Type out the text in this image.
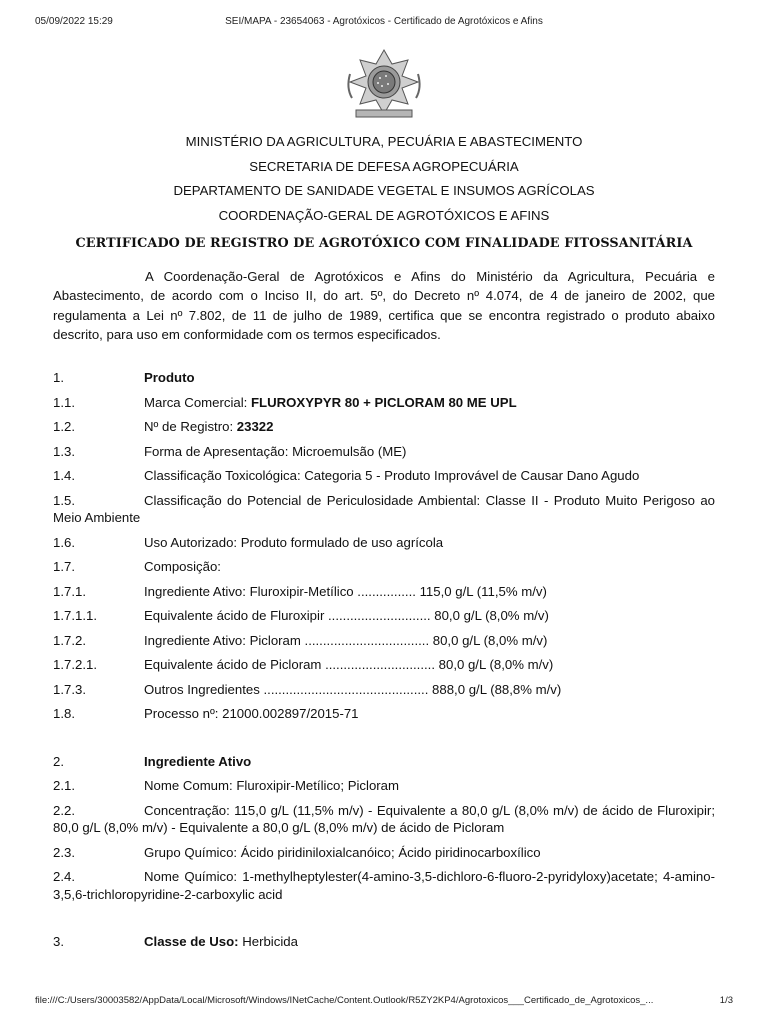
05/09/2022 15:29	SEI/MAPA - 23654063 - Agrotóxicos - Certificado de Agrotóxicos e Afins
MINISTÉRIO DA AGRICULTURA, PECUÁRIA E ABASTECIMENTO
SECRETARIA DE DEFESA AGROPECUÁRIA
DEPARTAMENTO DE SANIDADE VEGETAL E INSUMOS AGRÍCOLAS
COORDENAÇÃO-GERAL DE AGROTÓXICOS E AFINS
CERTIFICADO DE REGISTRO DE AGROTÓXICO COM FINALIDADE FITOSSANITÁRIA

A Coordenação-Geral de Agrotóxicos e Afins do Ministério da Agricultura, Pecuária e Abastecimento, de acordo com o Inciso II, do art. 5º, do Decreto nº 4.074, de 4 de janeiro de 2002, que regulamenta a Lei nº 7.802, de 11 de julho de 1989, certifica que se encontra registrado o produto abaixo descrito, para uso em conformidade com os termos especificados.

1.	Produto
1.1.	Marca Comercial: FLUROXYPYR 80 + PICLORAM 80 ME UPL
1.2.	Nº de Registro: 23322
1.3.	Forma de Apresentação: Microemulsão (ME)
1.4.	Classificação Toxicológica: Categoria 5 - Produto Improvável de Causar Dano Agudo
1.5.	Classificação do Potencial de Periculosidade Ambiental: Classe II - Produto Muito Perigoso ao Meio Ambiente
1.6.	Uso Autorizado: Produto formulado de uso agrícola
1.7.	Composição:
1.7.1.	Ingrediente Ativo: Fluroxipir-Metílico ................ 115,0 g/L (11,5% m/v)
1.7.1.1.	Equivalente ácido de Fluroxipir ............................ 80,0 g/L (8,0% m/v)
1.7.2.	Ingrediente Ativo: Picloram .................................. 80,0 g/L (8,0% m/v)
1.7.2.1.	Equivalente ácido de Picloram .............................. 80,0 g/L (8,0% m/v)
1.7.3.	Outros Ingredientes ............................................. 888,0 g/L (88,8% m/v)
1.8.	Processo nº: 21000.002897/2015-71
2.	Ingrediente Ativo
2.1.	Nome Comum: Fluroxipir-Metílico; Picloram
2.2.	Concentração: 115,0 g/L (11,5% m/v) - Equivalente a 80,0 g/L (8,0% m/v) de ácido de Fluroxipir; 80,0 g/L (8,0% m/v) - Equivalente a 80,0 g/L (8,0% m/v) de ácido de Picloram
2.3.	Grupo Químico: Ácido piridiniloxialcanóico; Ácido piridinocarboxílico
2.4.	Nome Químico: 1-methylheptylester(4-amino-3,5-dichloro-6-fluoro-2-pyridyloxy)acetate; 4-amino-3,5,6-trichloropyridine-2-carboxylic acid
3.	Classe de Uso: Herbicida
file:///C:/Users/30003582/AppData/Local/Microsoft/Windows/INetCache/Content.Outlook/R5ZY2KP4/Agrotoxicos___Certificado_de_Agrotoxicos_...	1/3
